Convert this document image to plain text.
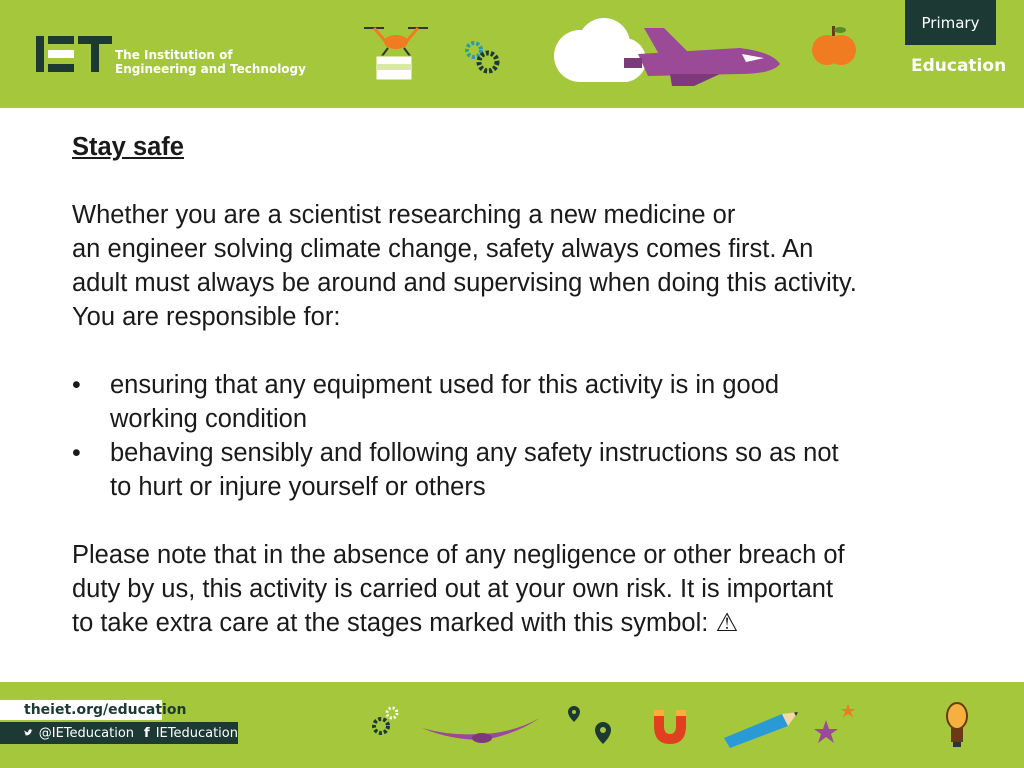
The Institution of
Engineering and Technology
Primary
Education
Stay safe
Whether you are a scientist researching a new medicine or
an engineer solving climate change, safety always comes first. An
adult must always be around and supervising when doing this activity.
You are responsible for:
• ensuring that any equipment used for this activity is in good
working condition
• behaving sensibly and following any safety instructions so as not
to hurt or injure yourself or others
Please note that in the absence of any negligence or other breach of
duty by us, this activity is carried out at your own risk. It is important
to take extra care at the stages marked with this symbol: ⚠
theiet.org/education
@IETeducation f IETeducation
